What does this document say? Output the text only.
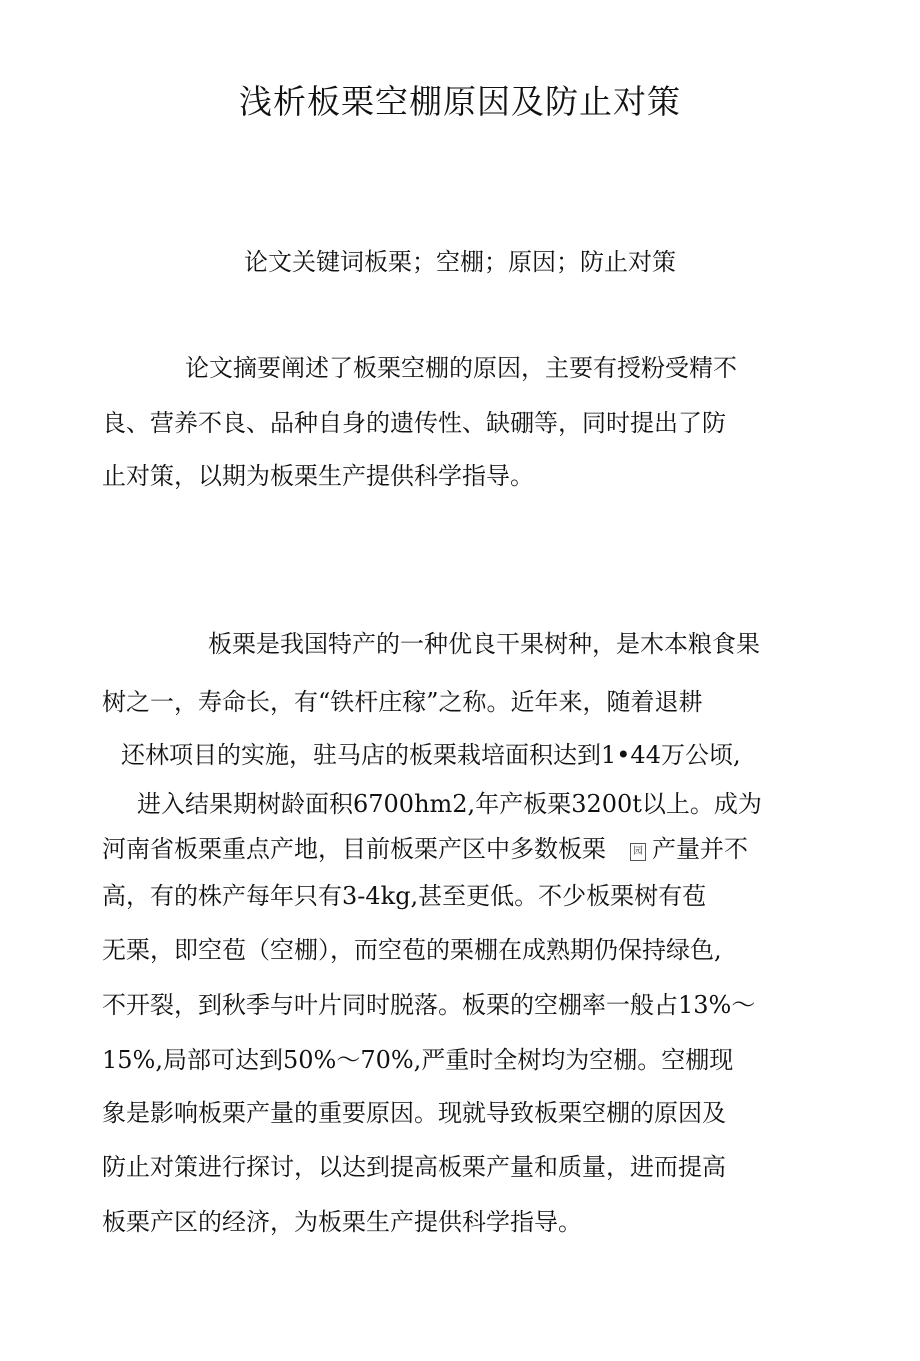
浅析板栗空棚原因及防止对策

论文关键词板栗；空棚；原因；防止对策

论文摘要阐述了板栗空棚的原因，主要有授粉受精不

良、营养不良、品种自身的遗传性、缺硼等，同时提出了防

止对策，以期为板栗生产提供科学指导。

板栗是我国特产的一种优良干果树种，是木本粮食果

树之一，寿命长，有“铁杆庄稼”之称。近年来，随着退耕

还林项目的实施，驻马店的板栗栽培面积达到1•44万公顷,

进入结果期树龄面积6700hm2,年产板栗3200t以上。成为

河南省板栗重点产地，目前板栗产区中多数板栗	园 产量并不

高，有的株产每年只有3-4kg,甚至更低。不少板栗树有苞

无栗，即空苞（空棚），而空苞的栗棚在成熟期仍保持绿色,

不开裂，到秋季与叶片同时脱落。板栗的空棚率一般占13%〜

15%,局部可达到50%〜70%,严重时全树均为空棚。空棚现

象是影响板栗产量的重要原因。现就导致板栗空棚的原因及

防止对策进行探讨，以达到提高板栗产量和质量，进而提高

板栗产区的经济，为板栗生产提供科学指导。
